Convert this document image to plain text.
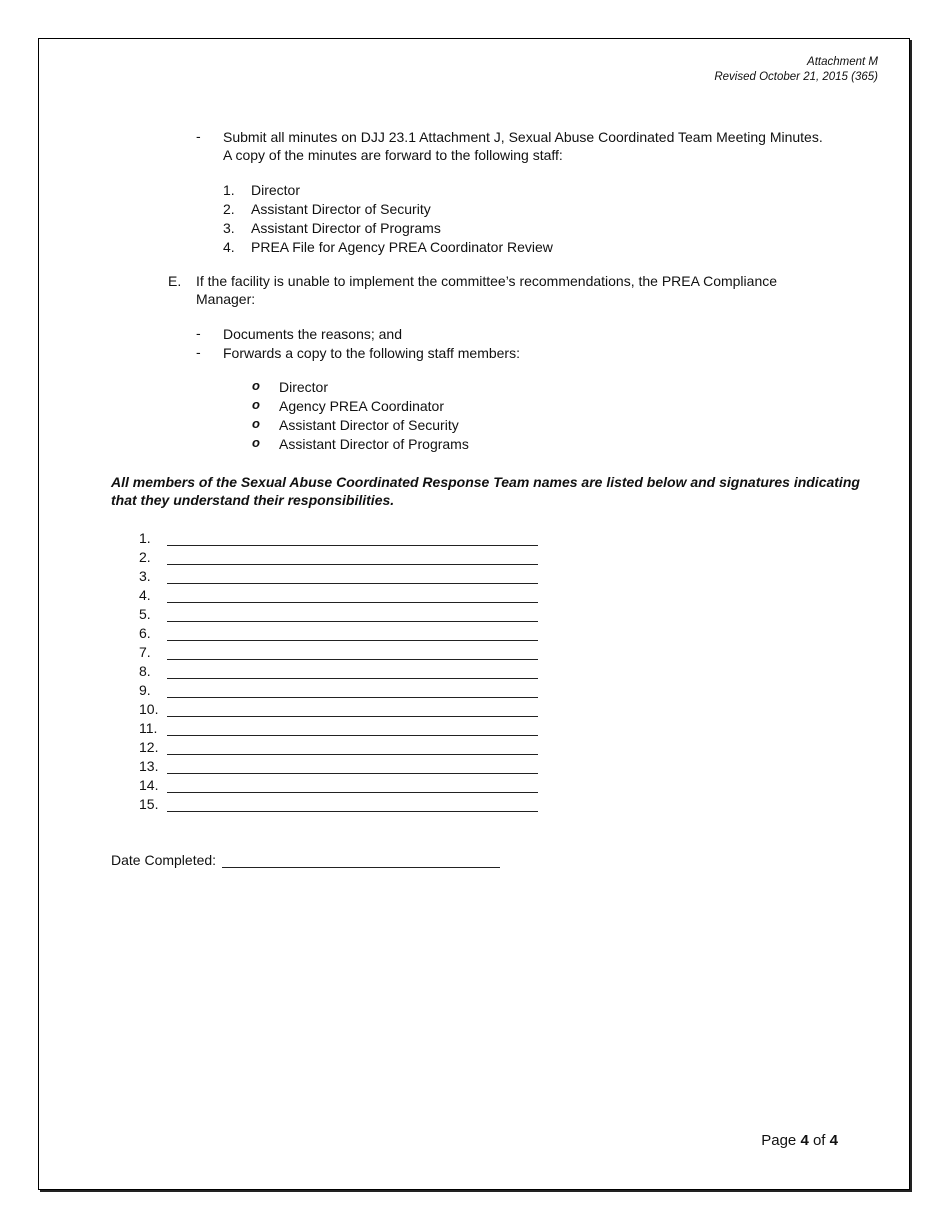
Attachment M
Revised October 21, 2015 (365)
- Submit all minutes on DJJ 23.1 Attachment J, Sexual Abuse Coordinated Team Meeting Minutes.
A copy of the minutes are forward to the following staff:
1. Director
2. Assistant Director of Security
3. Assistant Director of Programs
4. PREA File for Agency PREA Coordinator Review
E. If the facility is unable to implement the committee’s recommendations, the PREA Compliance
Manager:
- Documents the reasons; and
- Forwards a copy to the following staff members:
o Director
o Agency PREA Coordinator
o Assistant Director of Security
o Assistant Director of Programs
All members of the Sexual Abuse Coordinated Response Team names are listed below and signatures indicating
that they understand their responsibilities.
1.
2.
3.
4.
5.
6.
7.
8.
9.
10.
11.
12.
13.
14.
15.
Date Completed:
Page 4 of 4
